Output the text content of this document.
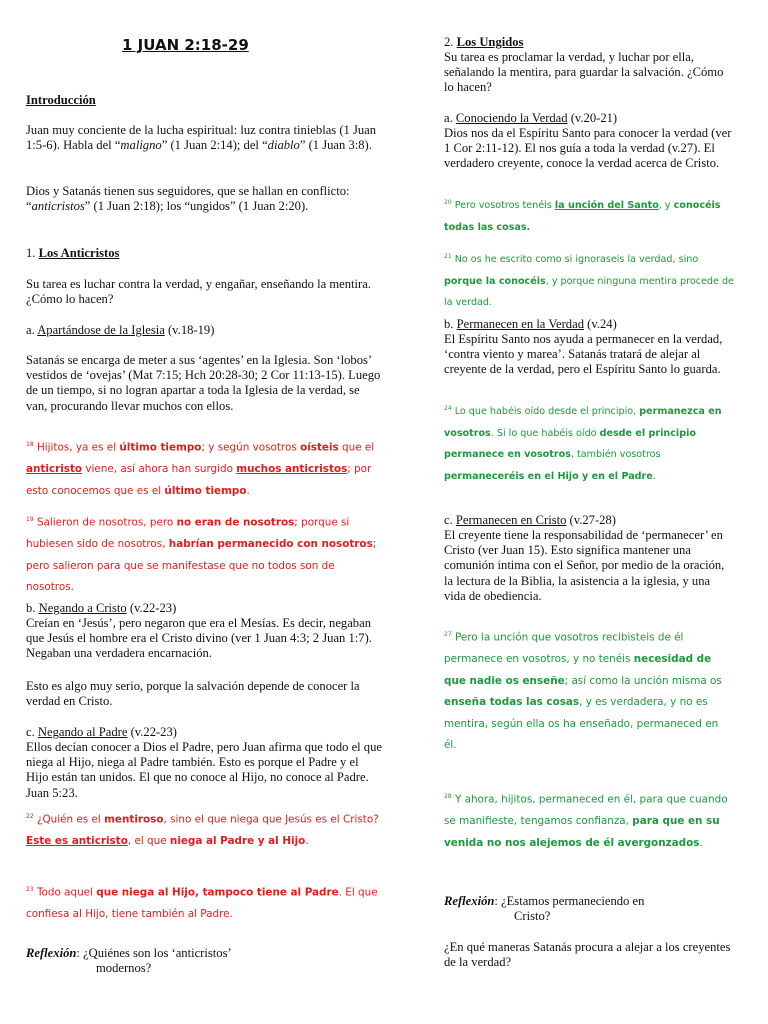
1 JUAN 2:18-29
Introducción
Juan muy conciente de la lucha espiritual: luz contra tinieblas (1 Juan 1:5-6). Habla del “maligno” (1 Juan 2:14); del “diablo” (1 Juan 3:8).
Dios y Satanás tienen sus seguidores, que se hallan en conflicto: “anticristos” (1 Juan 2:18); los “ungidos” (1 Juan 2:20).
1. Los Anticristos
Su tarea es luchar contra la verdad, y engañar, enseñando la mentira. ¿Cómo lo hacen?
a. Apartándose de la Iglesia (v.18-19)
Satanás se encarga de meter a sus ‘agentes’ en la Iglesia. Son ‘lobos’ vestidos de ‘ovejas’ (Mat 7:15; Hch 20:28-30; 2 Cor 11:13-15). Luego de un tiempo, si no logran apartar a toda la Iglesia de la verdad, se van, procurando llevar muchos con ellos.
$^{18}$ Hijitos, ya es el último tiempo; y según vosotros oísteis que el anticristo viene, así ahora han surgido muchos anticristos; por esto conocemos que es el último tiempo.
$^{19}$ Salieron de nosotros, pero no eran de nosotros; porque si hubiesen sido de nosotros, habrían permanecido con nosotros; pero salieron para que se manifestase que no todos son de nosotros.
b. Negando a Cristo (v.22-23)
Creían en ‘Jesús’, pero negaron que era el Mesías. Es decir, negaban que Jesús el hombre era el Cristo divino (ver 1 Juan 4:3; 2 Juan 1:7). Negaban una verdadera encarnación.
Esto es algo muy serio, porque la salvación depende de conocer la verdad en Cristo.
c. Negando al Padre (v.22-23)
Ellos decían conocer a Dios el Padre, pero Juan afirma que todo el que niega al Hijo, niega al Padre también. Esto es porque el Padre y el Hijo están tan unidos. El que no conoce al Hijo, no conoce al Padre. Juan 5:23.
$^{22}$ ¿Quién es el mentiroso, sino el que niega que Jesús es el Cristo? Este es anticristo, el que niega al Padre y al Hijo.
$^{23}$ Todo aquel que niega al Hijo, tampoco tiene al Padre. El que confiesa al Hijo, tiene también al Padre.
Reflexión: ¿Quiénes son los ‘anticristos’
modernos?
2. Los Ungidos
Su tarea es proclamar la verdad, y luchar por ella, señalando la mentira, para guardar la salvación. ¿Cómo lo hacen?
a. Conociendo la Verdad (v.20-21)
Dios nos da el Espíritu Santo para conocer la verdad (ver 1 Cor 2:11-12). El nos guía a toda la verdad (v.27). El verdadero creyente, conoce la verdad acerca de Cristo.
$^{20}$ Pero vosotros tenéis la unción del Santo, y conocéis todas las cosas.
$^{21}$ No os he escrito como si ignoraseis la verdad, sino porque la conocéis, y porque ninguna mentira procede de la verdad.
b. Permanecen en la Verdad (v.24)
El Espíritu Santo nos ayuda a permanecer en la verdad, ‘contra viento y marea’. Satanás tratará de alejar al creyente de la verdad, pero el Espíritu Santo lo guarda.
$^{24}$ Lo que habéis oído desde el principio, permanezca en vosotros. Si lo que habéis oído desde el principio permanece en vosotros, también vosotros permaneceréis en el Hijo y en el Padre.
c. Permanecen en Cristo (v.27-28)
El creyente tiene la responsabilidad de ‘permanecer’ en Cristo (ver Juan 15). Esto significa mantener una comunión intima con el Señor, por medio de la oración, la lectura de la Biblia, la asistencia a la iglesia, y una vida de obediencia.
$^{27}$ Pero la unción que vosotros recibisteis de él permanece en vosotros, y no tenéis necesidad de que nadie os enseñe; así como la unción misma os enseña todas las cosas, y es verdadera, y no es mentira, según ella os ha enseñado, permaneced en él.
$^{28}$ Y ahora, hijitos, permaneced en él, para que cuando se manifieste, tengamos confianza, para que en su venida no nos alejemos de él avergonzados.
Reflexión: ¿Estamos permaneciendo en
Cristo?
¿En qué maneras Satanás procura a alejar a los creyentes de la verdad?
